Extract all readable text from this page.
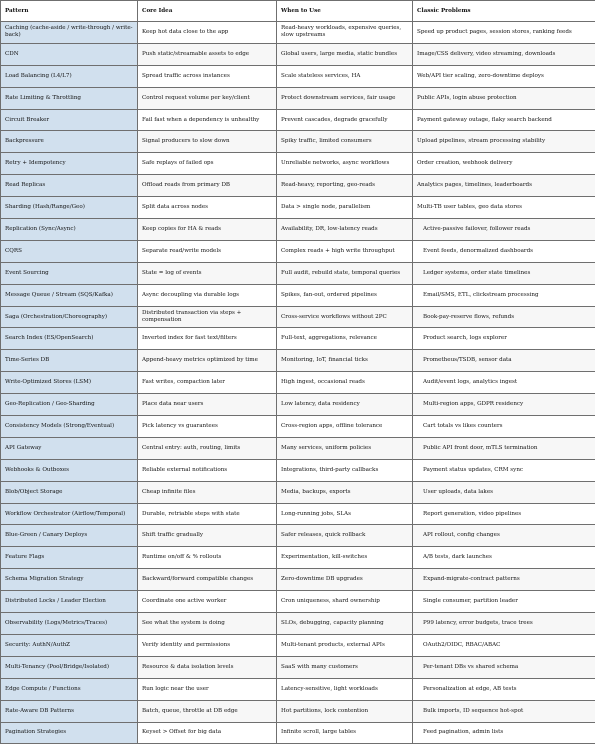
Pattern	Core Idea	When to Use	Classic Problems
Caching (cache-aside / write-through / write-back)	Keep hot data close to the app	Read-heavy workloads, expensive queries, slow upstreams	Speed up product pages, session stores, ranking feeds
CDN	Push static/streamable assets to edge	Global users, large media, static bundles	Image/CSS delivery, video streaming, downloads
Load Balancing (L4/L7)	Spread traffic across instances	Scale stateless services, HA	Web/API tier scaling, zero-downtime deploys
Rate Limiting & Throttling	Control request volume per key/client	Protect downstream services, fair usage	Public APIs, login abuse protection
Circuit Breaker	Fail fast when a dependency is unhealthy	Prevent cascades, degrade gracefully	Payment gateway outage, flaky search backend
Backpressure	Signal producers to slow down	Spiky traffic, limited consumers	Upload pipelines, stream processing stability
Retry + Idempotency	Safe replays of failed ops	Unreliable networks, async workflows	Order creation, webhook delivery
Read Replicas	Offload reads from primary DB	Read-heavy, reporting, geo-reads	Analytics pages, timelines, leaderboards
Sharding (Hash/Range/Geo)	Split data across nodes	Data > single node, parallelism	Multi-TB user tables, geo data stores
Replication (Sync/Async)	Keep copies for HA & reads	Availability, DR, low-latency reads	Active-passive failover, follower reads
CQRS	Separate read/write models	Complex reads + high write throughput	Event feeds, denormalized dashboards
Event Sourcing	State = log of events	Full audit, rebuild state, temporal queries	Ledger systems, order state timelines
Message Queue / Stream (SQS/Kafka)	Async decoupling via durable logs	Spikes, fan-out, ordered pipelines	Email/SMS, ETL, clickstream processing
Saga (Orchestration/Choreography)	Distributed transaction via steps + compensation	Cross-service workflows without 2PC	Book-pay-reserve flows, refunds
Search Index (ES/OpenSearch)	Inverted index for fast text/filters	Full-text, aggregations, relevance	Product search, logs explorer
Time-Series DB	Append-heavy metrics optimized by time	Monitoring, IoT, financial ticks	Prometheus/TSDB, sensor data
Write-Optimized Stores (LSM)	Fast writes, compaction later	High ingest, occasional reads	Audit/event logs, analytics ingest
Geo-Replication / Geo-Sharding	Place data near users	Low latency, data residency	Multi-region apps, GDPR residency
Consistency Models (Strong/Eventual)	Pick latency vs guarantees	Cross-region apps, offline tolerance	Cart totals vs likes counters
API Gateway	Central entry: auth, routing, limits	Many services, uniform policies	Public API front door, mTLS termination
Webhooks & Outboxes	Reliable external notifications	Integrations, third-party callbacks	Payment status updates, CRM sync
Blob/Object Storage	Cheap infinite files	Media, backups, exports	User uploads, data lakes
Workflow Orchestrator (Airflow/Temporal)	Durable, retriable steps with state	Long-running jobs, SLAs	Report generation, video pipelines
Blue-Green / Canary Deploys	Shift traffic gradually	Safer releases, quick rollback	API rollout, config changes
Feature Flags	Runtime on/off & % rollouts	Experimentation, kill-switches	A/B tests, dark launches
Schema Migration Strategy	Backward/forward compatible changes	Zero-downtime DB upgrades	Expand-migrate-contract patterns
Distributed Locks / Leader Election	Coordinate one active worker	Cron uniqueness, shard ownership	Single consumer, partition leader
Observability (Logs/Metrics/Traces)	See what the system is doing	SLOs, debugging, capacity planning	P99 latency, error budgets, trace trees
Security: AuthN/AuthZ	Verify identity and permissions	Multi-tenant products, external APIs	OAuth2/OIDC, RBAC/ABAC
Multi-Tenancy (Pool/Bridge/Isolated)	Resource & data isolation levels	SaaS with many customers	Per-tenant DBs vs shared schema
Edge Compute / Functions	Run logic near the user	Latency-sensitive, light workloads	Personalization at edge, AB tests
Rate-Aware DB Patterns	Batch, queue, throttle at DB edge	Hot partitions, lock contention	Bulk imports, ID sequence hot-spot
Pagination Strategies	Keyset > Offset for big data	Infinite scroll, large tables	Feed pagination, admin lists
